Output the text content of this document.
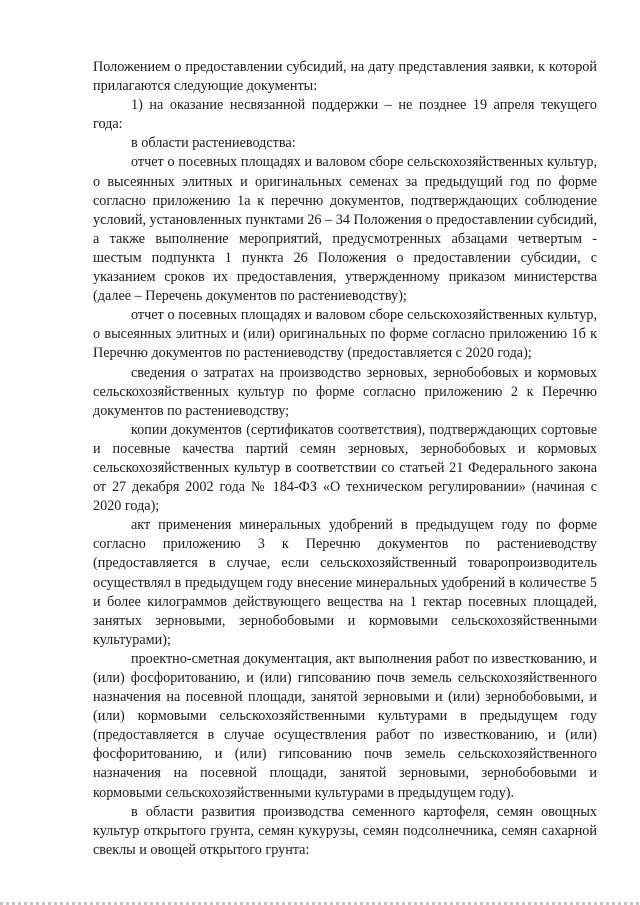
Положением о предоставлении субсидий, на дату представления заявки, к которой прилагаются следующие документы:

1) на оказание несвязанной поддержки – не позднее 19 апреля текущего года:

в области растениеводства:

отчет о посевных площадях и валовом сборе сельскохозяйственных культур, о высеянных элитных и оригинальных семенах за предыдущий год по форме согласно приложению 1а к перечню документов, подтверждающих соблюдение условий, установленных пунктами 26 – 34 Положения о предоставлении субсидий, а также выполнение мероприятий, предусмотренных абзацами четвертым - шестым подпункта 1 пункта 26 Положения о предоставлении субсидии, с указанием сроков их предоставления, утвержденному приказом министерства (далее – Перечень документов по растениеводству);

отчет о посевных площадях и валовом сборе сельскохозяйственных культур, о высеянных элитных и (или) оригинальных по форме согласно приложению 1б к Перечню документов по растениеводству (предоставляется с 2020 года);

сведения о затратах на производство зерновых, зернобобовых и кормовых сельскохозяйственных культур по форме согласно приложению 2 к Перечню документов по растениеводству;

копии документов (сертификатов соответствия), подтверждающих сортовые и посевные качества партий семян зерновых, зернобобовых и кормовых сельскохозяйственных культур в соответствии со статьей 21 Федерального закона от 27 декабря 2002 года № 184-ФЗ «О техническом регулировании» (начиная с 2020 года);

акт применения минеральных удобрений в предыдущем году по форме согласно приложению 3 к Перечню документов по растениеводству (предоставляется в случае, если сельскохозяйственный товаропроизводитель осуществлял в предыдущем году внесение минеральных удобрений в количестве 5 и более килограммов действующего вещества на 1 гектар посевных площадей, занятых зерновыми, зернобобовыми и кормовыми сельскохозяйственными культурами);

проектно-сметная документация, акт выполнения работ по известкованию, и (или) фосфоритованию, и (или) гипсованию почв земель сельскохозяйственного назначения на посевной площади, занятой зерновыми и (или) зернобобовыми, и (или) кормовыми сельскохозяйственными культурами в предыдущем году (предоставляется в случае осуществления работ по известкованию, и (или) фосфоритованию, и (или) гипсованию почв земель сельскохозяйственного назначения на посевной площади, занятой зерновыми, зернобобовыми и кормовыми сельскохозяйственными культурами в предыдущем году).

в области развития производства семенного картофеля, семян овощных культур открытого грунта, семян кукурузы, семян подсолнечника, семян сахарной свеклы и овощей открытого грунта:
